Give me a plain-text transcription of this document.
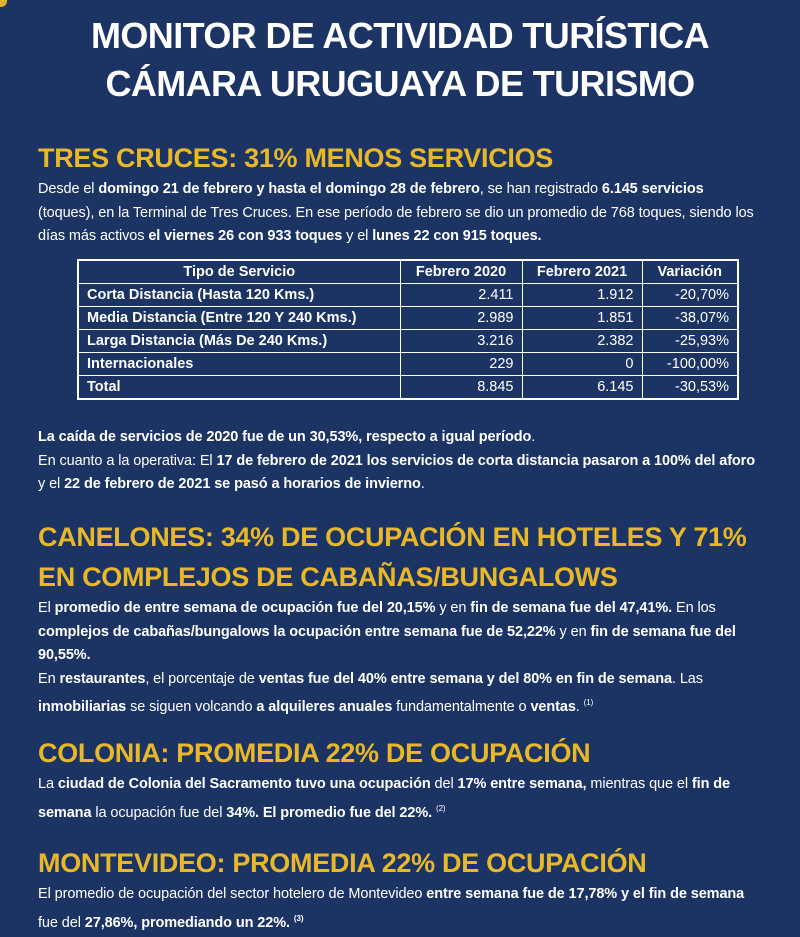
MONITOR DE ACTIVIDAD TURÍSTICA
CÁMARA URUGUAYA DE TURISMO
TRES CRUCES: 31% MENOS SERVICIOS

Desde el domingo 21 de febrero y hasta el domingo 28 de febrero, se han registrado 6.145 servicios (toques), en la Terminal de Tres Cruces. En ese período de febrero se dio un promedio de 768 toques, siendo los días más activos el viernes 26 con 933 toques y el lunes 22 con 915 toques.

Tipo de Servicio	Febrero 2020	Febrero 2021	Variación
Corta Distancia (Hasta 120 Kms.)	2.411	1.912	-20,70%
Media Distancia (Entre 120 Y 240 Kms.)	2.989	1.851	-38,07%
Larga Distancia (Más De 240 Kms.)	3.216	2.382	-25,93%
Internacionales	229	0	-100,00%
Total	8.845	6.145	-30,53%

La caída de servicios de 2020 fue de un 30,53%, respecto a igual período.

En cuanto a la operativa: El 17 de febrero de 2021 los servicios de corta distancia pasaron a 100% del aforo y el 22 de febrero de 2021 se pasó a horarios de invierno.

CANELONES: 34% DE OCUPACIÓN EN HOTELES Y 71%
EN COMPLEJOS DE CABAÑAS/BUNGALOWS

El promedio de entre semana de ocupación fue del 20,15% y en fin de semana fue del 47,41%. En los complejos de cabañas/bungalows la ocupación entre semana fue de 52,22% y en fin de semana fue del 90,55%.

En restaurantes, el porcentaje de ventas fue del 40% entre semana y del 80% en fin de semana. Las inmobiliarias se siguen volcando a alquileres anuales fundamentalmente o ventas. $^{(1)}$

COLONIA: PROMEDIA 22% DE OCUPACIÓN

La ciudad de Colonia del Sacramento tuvo una ocupación del 17% entre semana, mientras que el fin de semana la ocupación fue del 34%. El promedio fue del 22%. $^{(2)}$

MONTEVIDEO: PROMEDIA 22% DE OCUPACIÓN

El promedio de ocupación del sector hotelero de Montevideo entre semana fue de 17,78% y el fin de semana fue del 27,86%, promediando un 22%. $^{(3)}$
